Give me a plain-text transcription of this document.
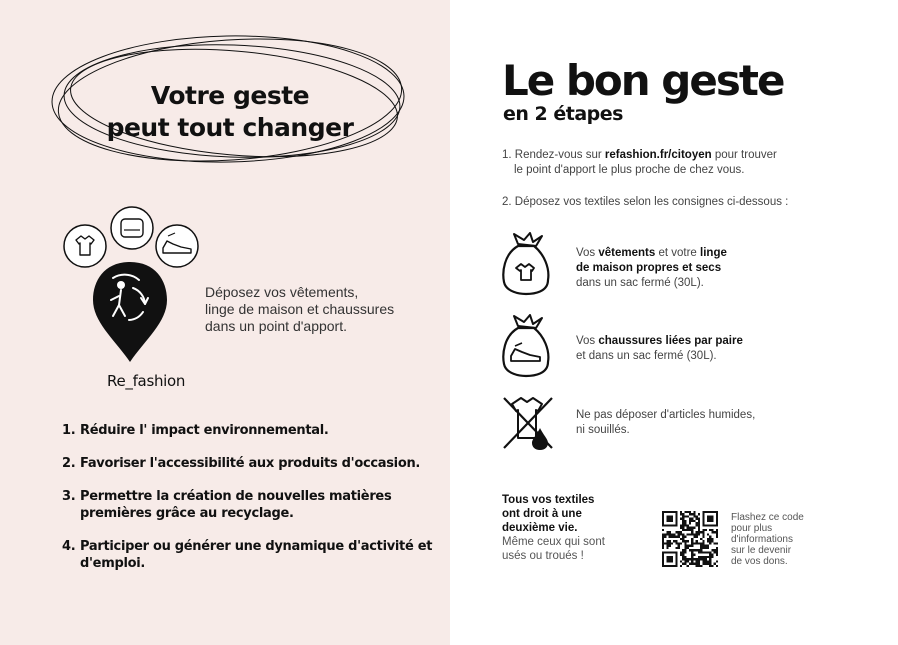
Votre geste
peut tout changer
Déposez vos vêtements,
linge de maison et chaussures
dans un point d'apport.
Re_fashion
1. Réduire l' impact environnemental.
2. Favoriser l'accessibilité aux produits d'occasion.
3. Permettre la création de nouvelles matières premières grâce au recyclage.
4. Participer ou générer une dynamique d'activité et d'emploi.
Le bon geste
en 2 étapes
1. Rendez-vous sur refashion.fr/citoyen pour trouver
le point d'apport le plus proche de chez vous.
2. Déposez vos textiles selon les consignes ci-dessous :
Vos vêtements et votre linge
de maison propres et secs
dans un sac fermé (30L).
Vos chaussures liées par paire
et dans un sac fermé (30L).
Ne pas déposer d'articles humides,
ni souillés.
Tous vos textiles
ont droit à une
deuxième vie.
Même ceux qui sont
usés ou troués !
Flashez ce code
pour plus
d'informations
sur le devenir
de vos dons.
